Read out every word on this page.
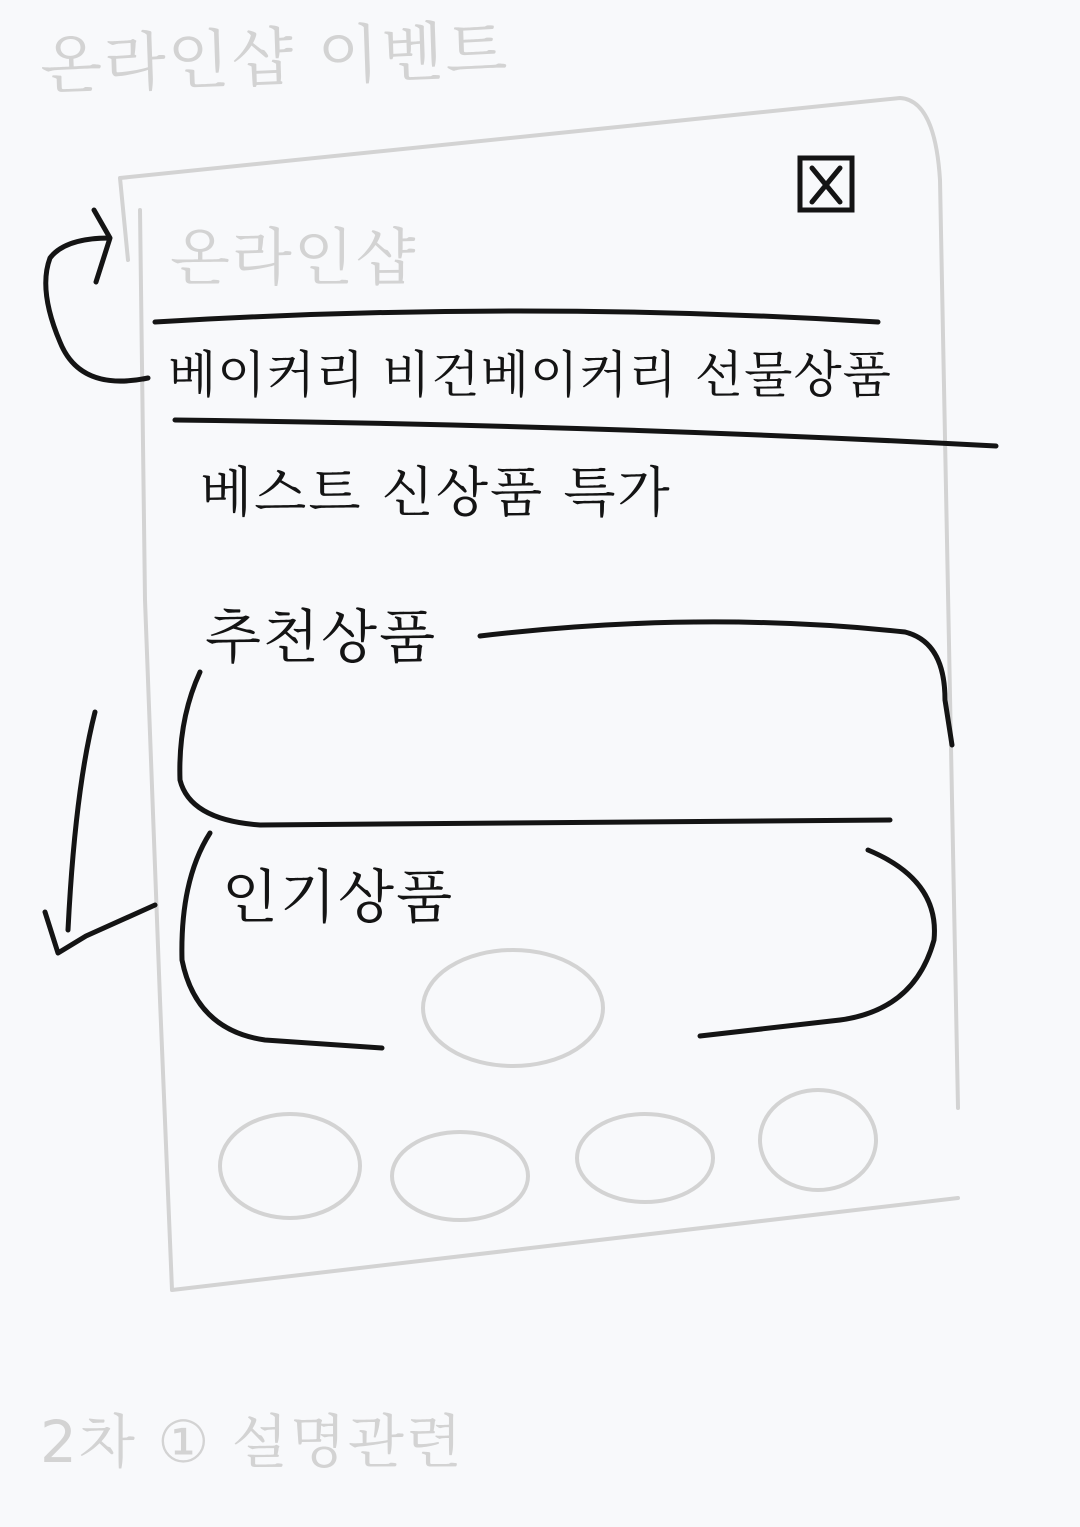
온라인샵 이벤트
온라인샵
베이커리 비건베이커리 선물상품
베스트 신상품 특가
추천상품
인기상품
2차 ① 설명관련
